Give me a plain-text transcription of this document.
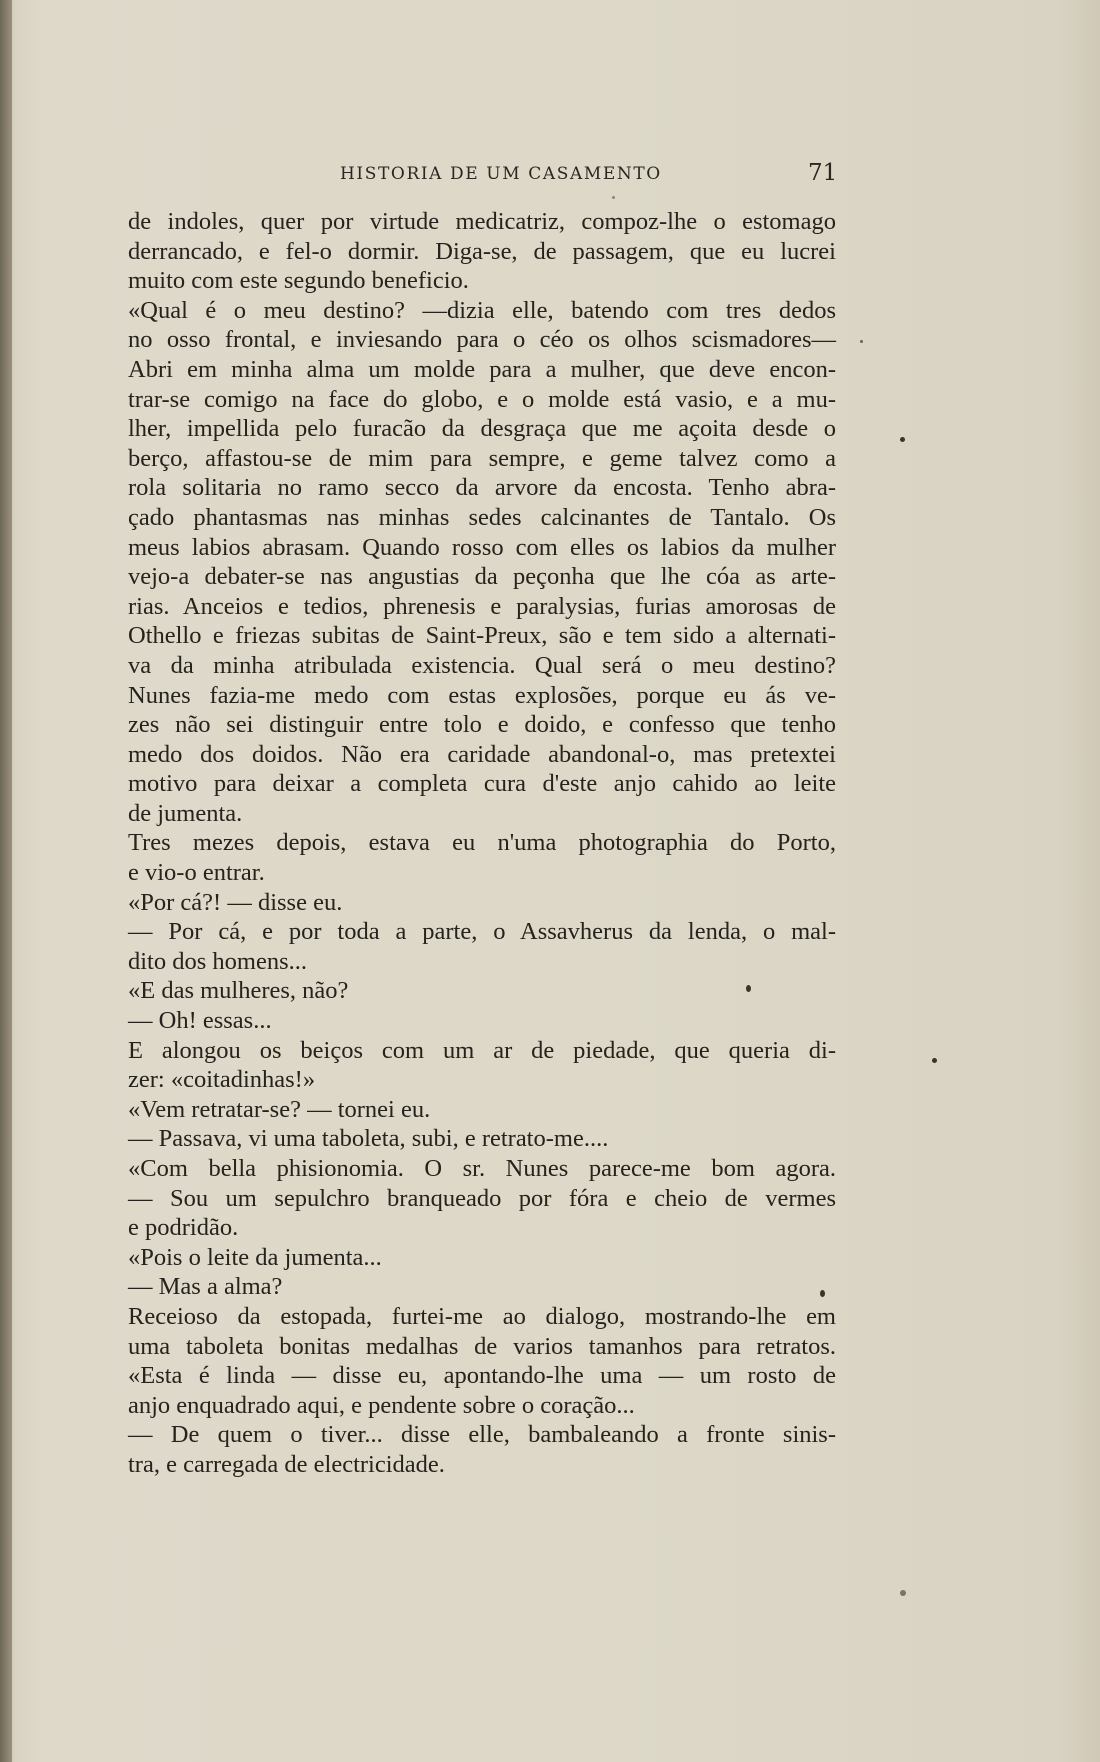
HISTORIA DE UM CASAMENTO	71
de indoles, quer por virtude medicatriz, compoz-lhe o estomago
derrancado, e fel-o dormir. Diga-se, de passagem, que eu lucrei
muito com este segundo beneficio.
«Qual é o meu destino? —dizia elle, batendo com tres dedos
no osso frontal, e inviesando para o céo os olhos scismadores—
Abri em minha alma um molde para a mulher, que deve encon-
trar-se comigo na face do globo, e o molde está vasio, e a mu-
lher, impellida pelo furacão da desgraça que me açoita desde o
berço, affastou-se de mim para sempre, e geme talvez como a
rola solitaria no ramo secco da arvore da encosta. Tenho abra-
çado phantasmas nas minhas sedes calcinantes de Tantalo. Os
meus labios abrasam. Quando rosso com elles os labios da mulher
vejo-a debater-se nas angustias da peçonha que lhe cóa as arte-
rias. Anceios e tedios, phrenesis e paralysias, furias amorosas de
Othello e friezas subitas de Saint-Preux, são e tem sido a alternati-
va da minha atribulada existencia. Qual será o meu destino?
Nunes fazia-me medo com estas explosões, porque eu ás ve-
zes não sei distinguir entre tolo e doido, e confesso que tenho
medo dos doidos. Não era caridade abandonal-o, mas pretextei
motivo para deixar a completa cura d'este anjo cahido ao leite
de jumenta.
Tres mezes depois, estava eu n'uma photographia do Porto,
e vio-o entrar.
«Por cá?! — disse eu.
— Por cá, e por toda a parte, o Assavherus da lenda, o mal-
dito dos homens...
«E das mulheres, não?
— Oh! essas...
E alongou os beiços com um ar de piedade, que queria di-
zer: «coitadinhas!»
«Vem retratar-se? — tornei eu.
— Passava, vi uma taboleta, subi, e retrato-me....
«Com bella phisionomia. O sr. Nunes parece-me bom agora.
— Sou um sepulchro branqueado por fóra e cheio de vermes
e podridão.
«Pois o leite da jumenta...
— Mas a alma?
Receioso da estopada, furtei-me ao dialogo, mostrando-lhe em
uma taboleta bonitas medalhas de varios tamanhos para retratos.
«Esta é linda — disse eu, apontando-lhe uma — um rosto de
anjo enquadrado aqui, e pendente sobre o coração...
— De quem o tiver... disse elle, bambaleando a fronte sinis-
tra, e carregada de electricidade.
